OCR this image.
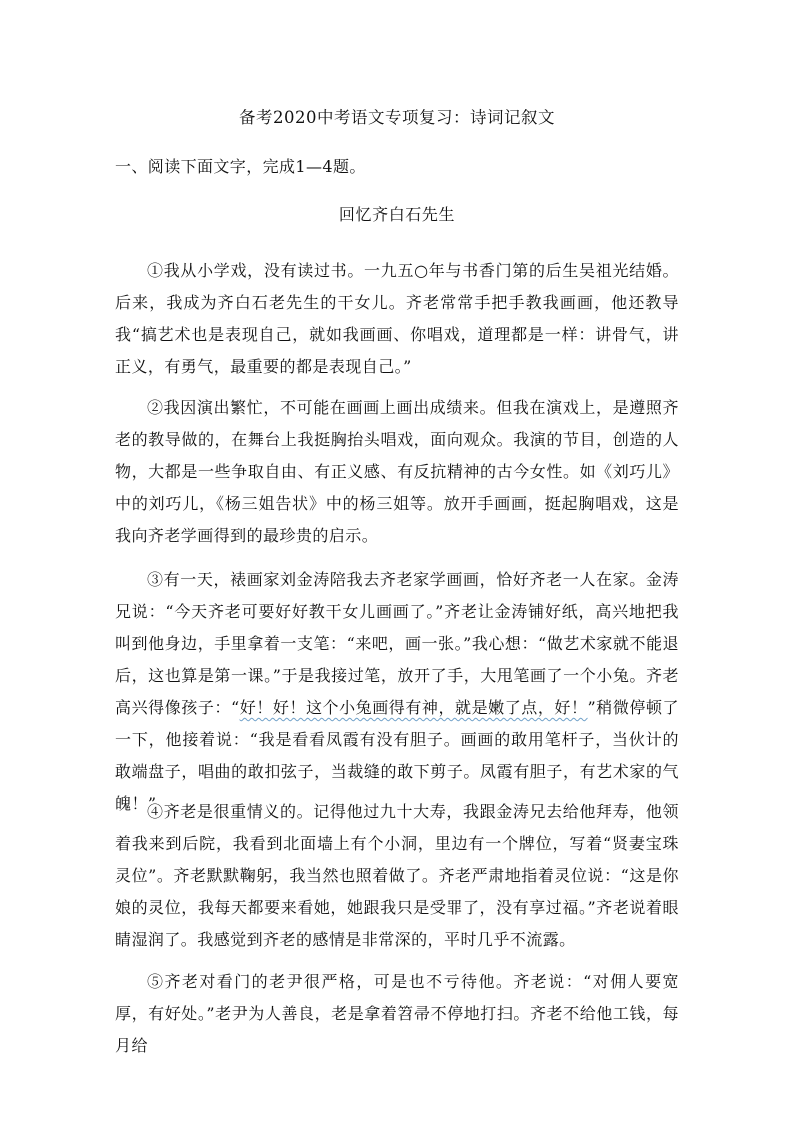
备考2020中考语文专项复习：诗词记叙文
一、阅读下面文字，完成1—4题。
回忆齐白石先生

①我从小学戏，没有读过书。一九五○年与书香门第的后生吴祖光结婚。后来，我成为齐白石老先生的干女儿。齐老常常手把手教我画画，他还教导我“搞艺术也是表现自己，就如我画画、你唱戏，道理都是一样：讲骨气，讲正义，有勇气，最重要的都是表现自己。”

②我因演出繁忙，不可能在画画上画出成绩来。但我在演戏上，是遵照齐老的教导做的，在舞台上我挺胸抬头唱戏，面向观众。我演的节目，创造的人物，大都是一些争取自由、有正义感、有反抗精神的古今女性。如《刘巧儿》中的刘巧儿，《杨三姐告状》中的杨三姐等。放开手画画，挺起胸唱戏，这是我向齐老学画得到的最珍贵的启示。

③有一天，裱画家刘金涛陪我去齐老家学画画，恰好齐老一人在家。金涛兄说：“今天齐老可要好好教干女儿画画了。”齐老让金涛铺好纸，高兴地把我叫到他身边，手里拿着一支笔：“来吧，画一张。”我心想：“做艺术家就不能退后，这也算是第一课。”于是我接过笔，放开了手，大甩笔画了一个小兔。齐老高兴得像孩子：“好！好！这个小兔画得有神，就是嫩了点，好！”稍微停顿了一下，他接着说：“我是看看凤霞有没有胆子。画画的敢用笔杆子，当伙计的敢端盘子，唱曲的敢扣弦子，当裁缝的敢下剪子。凤霞有胆子，有艺术家的气魄！”

④齐老是很重情义的。记得他过九十大寿，我跟金涛兄去给他拜寿，他领着我来到后院，我看到北面墙上有个小洞，里边有一个牌位，写着“贤妻宝珠灵位”。齐老默默鞠躬，我当然也照着做了。齐老严肃地指着灵位说：“这是你娘的灵位，我每天都要来看她，她跟我只是受罪了，没有享过福。”齐老说着眼睛湿润了。我感觉到齐老的感情是非常深的，平时几乎不流露。

⑤齐老对看门的老尹很严格，可是也不亏待他。齐老说：“对佣人要宽厚，有好处。”老尹为人善良，老是拿着笤帚不停地打扫。齐老不给他工钱，每月给
